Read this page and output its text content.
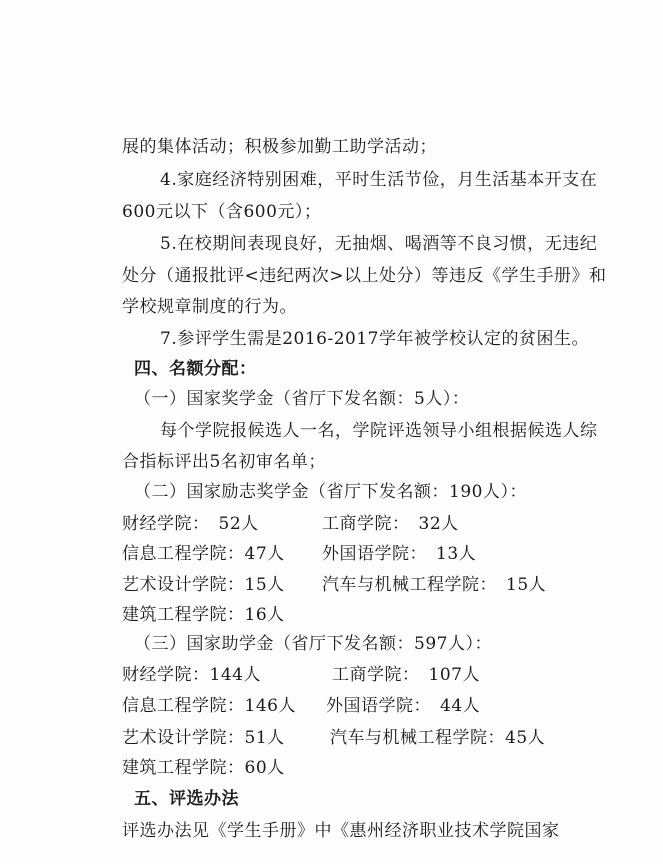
展的集体活动；积极参加勤工助学活动；
4.家庭经济特别困难，平时生活节俭，月生活基本开支在
600元以下（含600元）；
5.在校期间表现良好，无抽烟、喝酒等不良习惯，无违纪
处分（通报批评<违纪两次>以上处分）等违反《学生手册》和
学校规章制度的行为。
7.参评学生需是2016-2017学年被学校认定的贫困生。
四、名额分配：
（一）国家奖学金（省厅下发名额：5人）：
每个学院报候选人一名，学院评选领导小组根据候选人综
合指标评出5名初审名单；
（二）国家励志奖学金（省厅下发名额：190人）：
财经学院：　52人	工商学院：　32人
信息工程学院：47人 外国语学院：　13人
艺术设计学院：15人 汽车与机械工程学院：　15人
建筑工程学院：16人
（三）国家助学金（省厅下发名额：597人）：
财经学院：144人	工商学院：　107人
信息工程学院：146人 外国语学院：　44人
艺术设计学院：51人	汽车与机械工程学院：45人
建筑工程学院：60人
五、评选办法
评选办法见《学生手册》中《惠州经济职业技术学院国家
